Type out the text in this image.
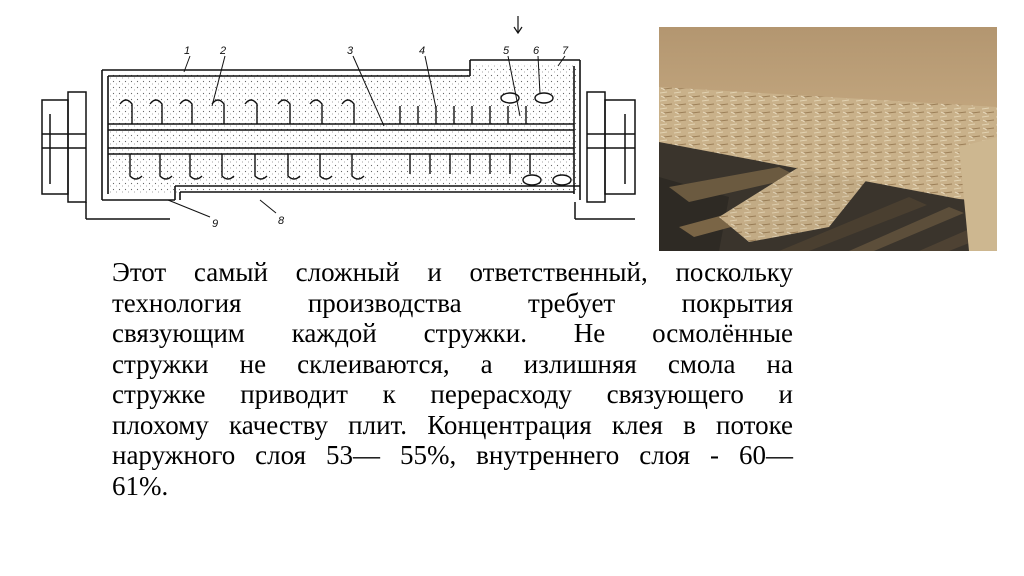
1	2	3	4	5 6 7
8
9

Этот самый сложный и ответственный, поскольку
технология производства требует покрытия
связующим каждой стружки. Не осмолённые
стружки не склеиваются, а излишняя смола на
стружке приводит к перерасходу связующего и
плохому качеству плит. Концентрация клея в потоке
наружного слоя 53— 55%, внутреннего слоя - 60—
61%.
